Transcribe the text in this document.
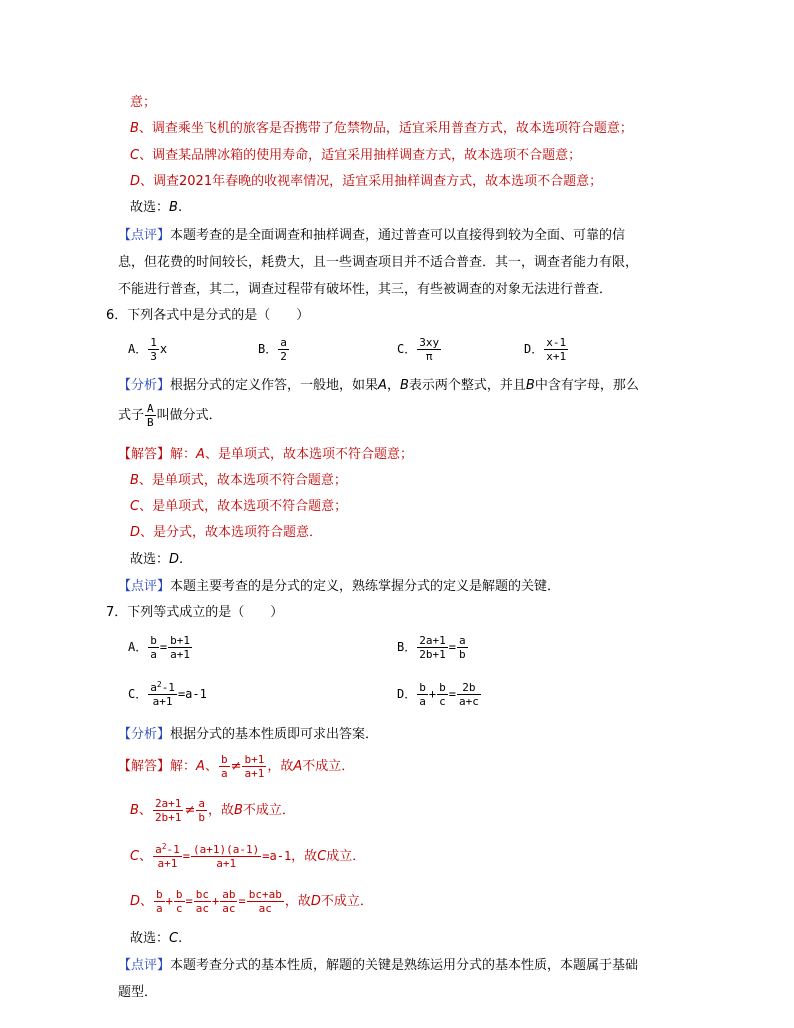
意；
B、调查乘坐飞机的旅客是否携带了危禁物品，适宜采用普查方式，故本选项符合题意；
C、调查某品牌冰箱的使用寿命，适宜采用抽样调查方式，故本选项不合题意；
D、调查2021年春晚的收视率情况，适宜采用抽样调查方式，故本选项不合题意；
故选：B.
【点评】本题考查的是全面调查和抽样调查，通过普查可以直接得到较为全面、可靠的信
息，但花费的时间较长，耗费大，且一些调查项目并不适合普查．其一，调查者能力有限，
不能进行普查，其二，调查过程带有破坏性，其三，有些被调查的对象无法进行普查．
6．下列各式中是分式的是（　　）
A． $\frac{1}{3}$ x	B． $\frac{a}{2}$	C． $\frac{3xy}{\pi}$	D． $\frac{x-1}{x+1}$
【分析】根据分式的定义作答，一般地，如果A，B表示两个整式，并且B中含有字母，那么
式子 $\frac{A}{B}$ 叫做分式．
【解答】解：A、是单项式，故本选项不符合题意；
B、是单项式，故本选项不符合题意；
C、是单项式，故本选项不符合题意；
D、是分式，故本选项符合题意．
故选：D.
【点评】本题主要考查的是分式的定义，熟练掌握分式的定义是解题的关键．
7．下列等式成立的是（　　）
A． $\frac{b}{a} = \frac{b+1}{a+1}$	B． $\frac{2a+1}{2b+1} = \frac{a}{b}$
C． $\frac{a^2-1}{a+1} =a-1$	D． $\frac{b}{a} + \frac{b}{c} = \frac{2b}{a+c}$
【分析】根据分式的基本性质即可求出答案．
【解答】解：A、 $\frac{b}{a} \ne \frac{b+1}{a+1}$ ，故A不成立．
B、 $\frac{2a+1}{2b+1} \ne \frac{a}{b}$ ，故B不成立．
C、 $\frac{a^2-1}{a+1} = \frac{(a+1)(a-1)}{a+1} =a-1$，故C成立．
D、 $\frac{b}{a} + \frac{b}{c} = \frac{bc}{ac} + \frac{ab}{ac} = \frac{bc+ab}{ac}$ ，故D不成立．
故选：C.
【点评】本题考查分式的基本性质，解题的关键是熟练运用分式的基本性质，本题属于基础
题型．
